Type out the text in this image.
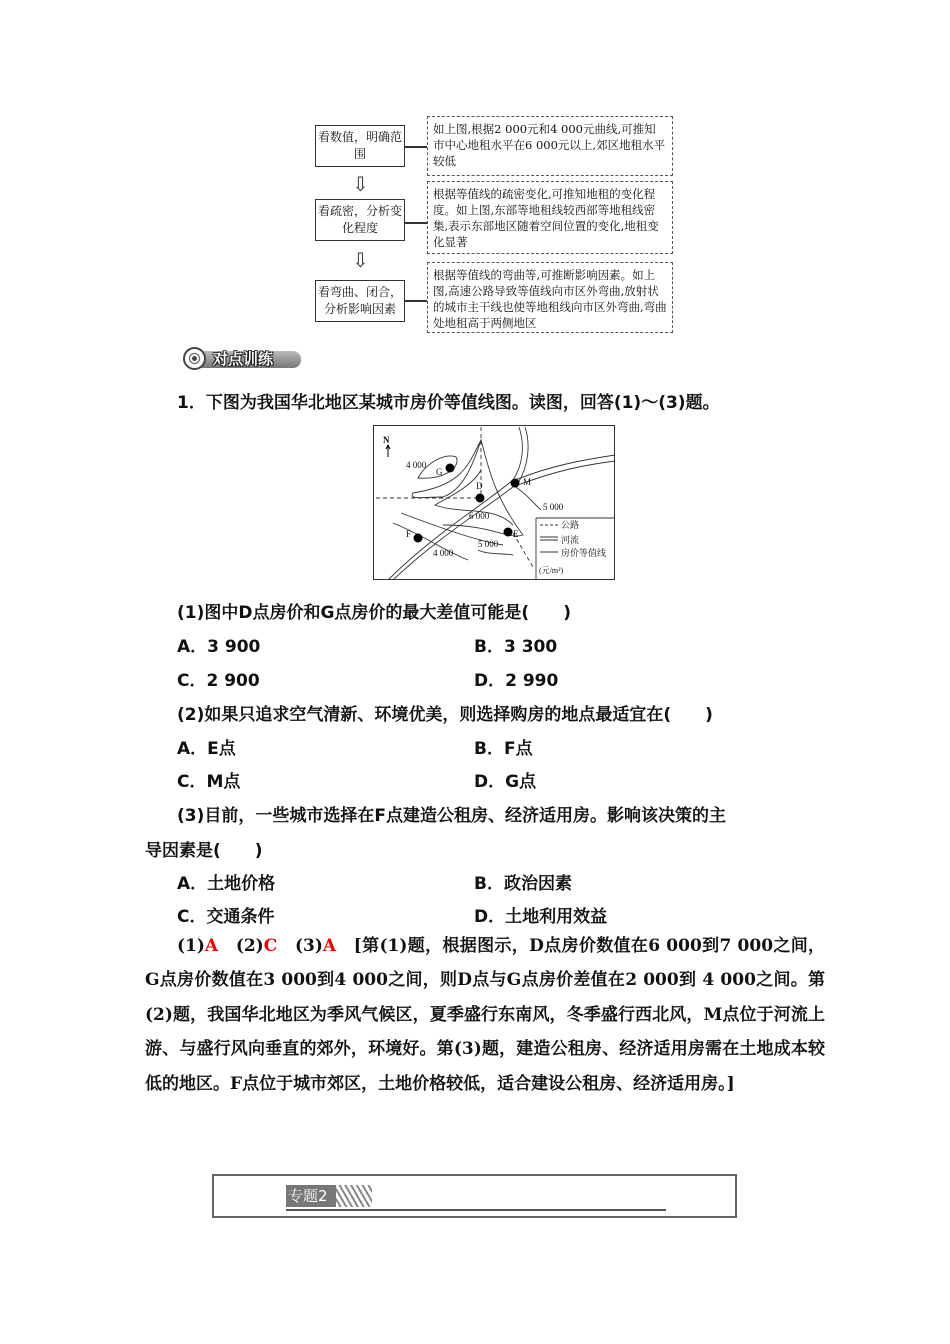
看数值，明确范围
看疏密，分析变化程度
看弯曲、闭合，分析影响因素
⇩
⇩
如上图,根据2 000元和4 000元曲线,可推知市中心地租水平在6 000元以上,郊区地租水平较低
根据等值线的疏密变化,可推知地租的变化程度。如上图,东部等地租线较西部等地租线密集,表示东部地区随着空间位置的变化,地租变化显著
根据等值线的弯曲等,可推断影响因素。如上图,高速公路导致等值线向市区外弯曲,放射状的城市主干线也使等地租线向市区外弯曲,弯曲处地租高于两侧地区
对点训练
1．下图为我国华北地区某城市房价等值线图。读图，回答(1)～(3)题。
N
G
D	M
E
F
4 000
5 000
6 000
5 000
4 000
公路
河流
房价等值线
(元/m²)
(1)图中D点房价和G点房价的最大差值可能是(　　)
A．3 900	B．3 300
C．2 900	D．2 990
(2)如果只追求空气清新、环境优美，则选择购房的地点最适宜在(　　)
A．E点	B．F点
C．M点	D．G点
(3)目前，一些城市选择在F点建造公租房、经济适用房。影响该决策的主
导因素是(　　)
A．土地价格	B．政治因素
C．交通条件	D．土地利用效益
(1)A　 (2)C　 (3)A　 [第(1)题，根据图示，D点房价数值在6 000到7 000之间，G点房价数值在3 000到4 000之间，则D点与G点房价差值在2 000到 4 000之间。第(2)题，我国华北地区为季风气候区，夏季盛行东南风，冬季盛行西北风，M点位于河流上游、与盛行风向垂直的郊外，环境好。第(3)题，建造公租房、经济适用房需在土地成本较低的地区。F点位于城市郊区，土地价格较低，适合建设公租房、经济适用房。]
专题2
